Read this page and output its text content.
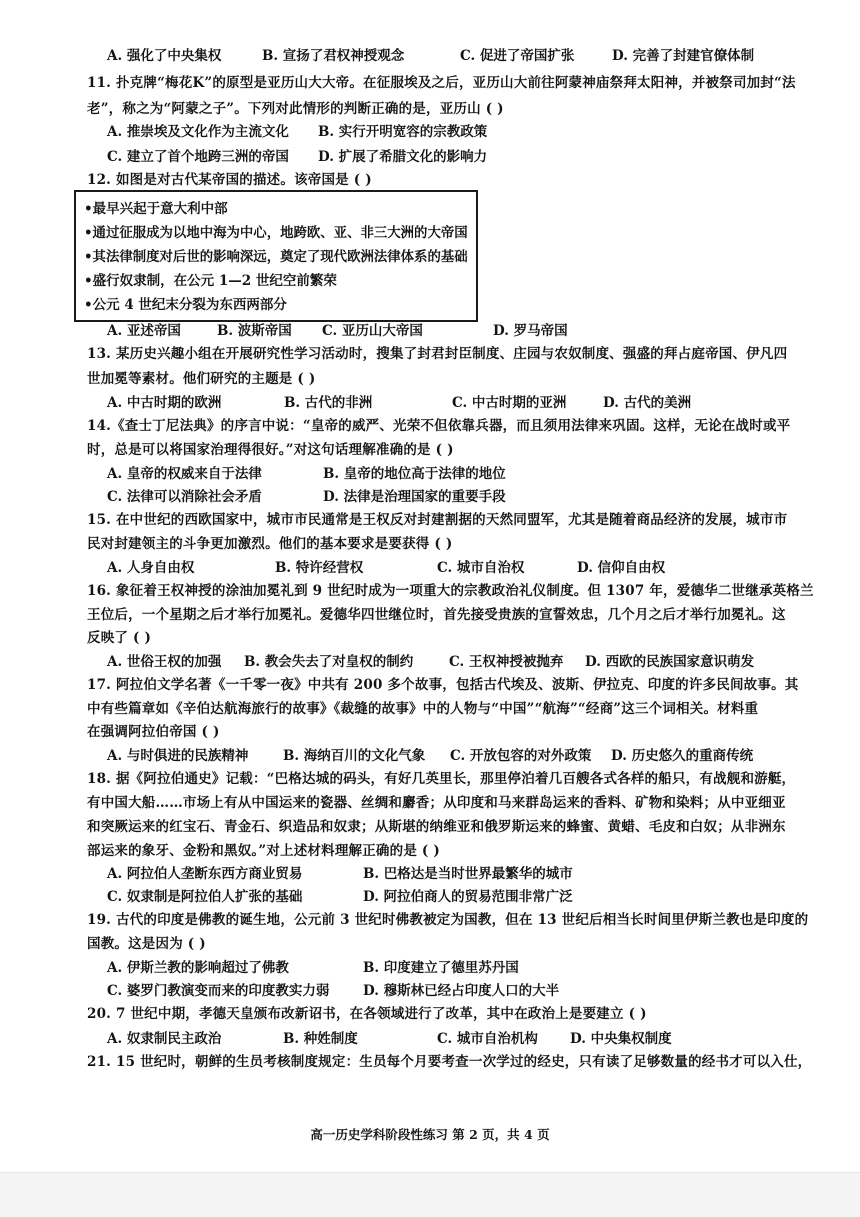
A. 强化了中央集权	B. 宣扬了君权神授观念	C. 促进了帝国扩张	D. 完善了封建官僚体制
11. 扑克牌“梅花K”的原型是亚历山大大帝。在征服埃及之后，亚历山大前往阿蒙神庙祭拜太阳神，并被祭司加封“法
老”，称之为“阿蒙之子”。下列对此情形的判断正确的是，亚历山 ( )
A. 推崇埃及文化作为主流文化 B. 实行开明宽容的宗教政策
C. 建立了首个地跨三洲的帝国 D. 扩展了希腊文化的影响力
12. 如图是对古代某帝国的描述。该帝国是 ( )
•最早兴起于意大利中部
•通过征服成为以地中海为中心，地跨欧、亚、非三大洲的大帝国
•其法律制度对后世的影响深远，奠定了现代欧洲法律体系的基础
•盛行奴隶制，在公元 1—2 世纪空前繁荣
•公元 4 世纪末分裂为东西两部分
A. 亚述帝国	B. 波斯帝国 C. 亚历山大帝国	D. 罗马帝国
13. 某历史兴趣小组在开展研究性学习活动时，搜集了封君封臣制度、庄园与农奴制度、强盛的拜占庭帝国、伊凡四
世加冕等素材。他们研究的主题是 ( )
A. 中古时期的欧洲	B. 古代的非洲	C. 中古时期的亚洲	D. 古代的美洲
14.《查士丁尼法典》的序言中说：“皇帝的威严、光荣不但依靠兵器，而且须用法律来巩固。这样，无论在战时或平
时，总是可以将国家治理得很好。”对这句话理解准确的是 ( )
A. 皇帝的权威来自于法律	B. 皇帝的地位高于法律的地位
C. 法律可以消除社会矛盾	D. 法律是治理国家的重要手段
15. 在中世纪的西欧国家中，城市市民通常是王权反对封建割据的天然同盟军，尤其是随着商品经济的发展，城市市
民对封建领主的斗争更加激烈。他们的基本要求是要获得 ( )
A. 人身自由权	B. 特许经营权	C. 城市自治权	D. 信仰自由权
16. 象征着王权神授的涂油加冕礼到 9 世纪时成为一项重大的宗教政治礼仪制度。但 1307 年，爱德华二世继承英格兰
王位后，一个星期之后才举行加冕礼。爱德华四世继位时，首先接受贵族的宣誓效忠，几个月之后才举行加冕礼。这
反映了 ( )
A. 世俗王权的加强 B. 教会失去了对皇权的制约	C. 王权神授被抛弃 D. 西欧的民族国家意识萌发
17. 阿拉伯文学名著《一千零一夜》中共有 200 多个故事，包括古代埃及、波斯、伊拉克、印度的许多民间故事。其
中有些篇章如《辛伯达航海旅行的故事》《裁缝的故事》中的人物与“中国”“航海”“经商”这三个词相关。材料重
在强调阿拉伯帝国 ( )
A. 与时俱进的民族精神	B. 海纳百川的文化气象 C. 开放包容的对外政策 D. 历史悠久的重商传统
18. 据《阿拉伯通史》记载：“巴格达城的码头，有好几英里长，那里停泊着几百艘各式各样的船只，有战舰和游艇，
有中国大船……市场上有从中国运来的瓷器、丝绸和麝香；从印度和马来群岛运来的香料、矿物和染料；从中亚细亚
和突厥运来的红宝石、青金石、织造品和奴隶；从斯堪的纳维亚和俄罗斯运来的蜂蜜、黄蜡、毛皮和白奴；从非洲东
部运来的象牙、金粉和黑奴。”对上述材料理解正确的是 ( )
A. 阿拉伯人垄断东西方商业贸易	B. 巴格达是当时世界最繁华的城市
C. 奴隶制是阿拉伯人扩张的基础	D. 阿拉伯商人的贸易范围非常广泛
19. 古代的印度是佛教的诞生地，公元前 3 世纪时佛教被定为国教，但在 13 世纪后相当长时间里伊斯兰教也是印度的
国教。这是因为 ( )
A. 伊斯兰教的影响超过了佛教	B. 印度建立了德里苏丹国
C. 婆罗门教演变而来的印度教实力弱 D. 穆斯林已经占印度人口的大半
20. 7 世纪中期，孝德天皇颁布改新诏书，在各领域进行了改革，其中在政治上是要建立 ( )
A. 奴隶制民主政治	B. 种姓制度	C. 城市自治机构 D. 中央集权制度
21. 15 世纪时，朝鲜的生员考核制度规定：生员每个月要考查一次学过的经史，只有读了足够数量的经书才可以入仕，
高一历史学科阶段性练习 第 2 页，共 4 页
